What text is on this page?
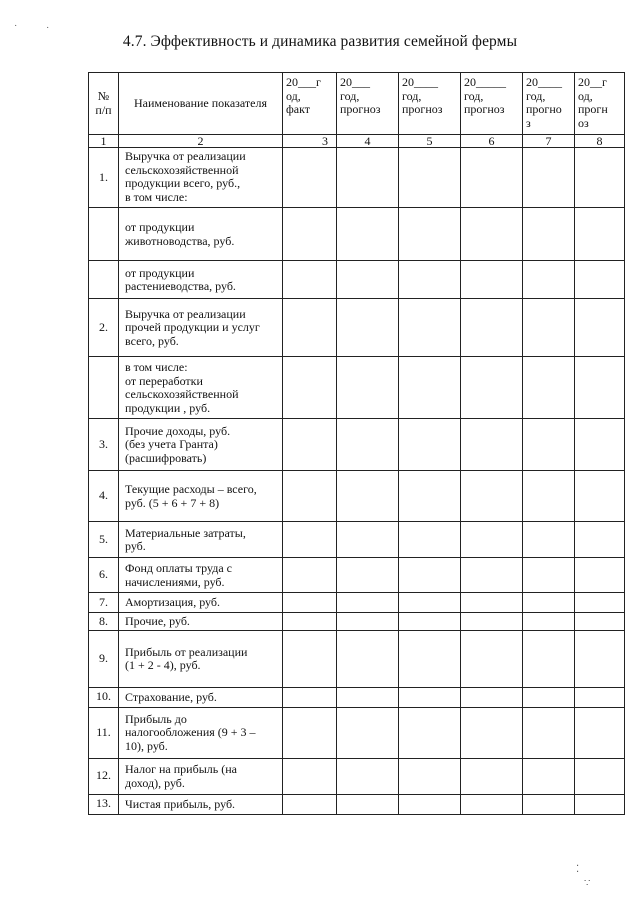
4.7. Эффективность и динамика развития семейной фермы
№
п/п	Наименование показателя	20___г
од,
факт	20___
год,
прогноз	20____
год,
прогноз	20_____
год,
прогноз	20____
год,
прогно
з	20__г
од,
прогн
оз
1	2	3	4	5	6	7	8
1.	Выручка от реализации
сельскохозяйственной
продукции всего, руб.,
в том числе:						
	от продукции
животноводства, руб.						
	от продукции
растениеводства, руб.						
2.	Выручка от реализации
прочей продукции и услуг
всего, руб.						
	в том числе:
от переработки
сельскохозяйственной
продукции , руб.						
3.	Прочие доходы, руб.
(без учета Гранта)
(расшифровать)						
4.	Текущие расходы – всего,
руб. (5 + 6 + 7 + 8)						
5.	Материальные затраты,
руб.						
6.	Фонд оплаты труда с
начислениями, руб.						
7.	Амортизация, руб.						
8.	Прочие, руб.						
9.	Прибыль от реализации
(1 + 2 - 4), руб.						
10.	Страхование, руб.						
11.	Прибыль до
налогообложения (9 + 3 –
10), руб.						
12.	Налог на прибыль (на
доход), руб.						
13.	Чистая прибыль, руб.						
˙	˙
⁚
∵
